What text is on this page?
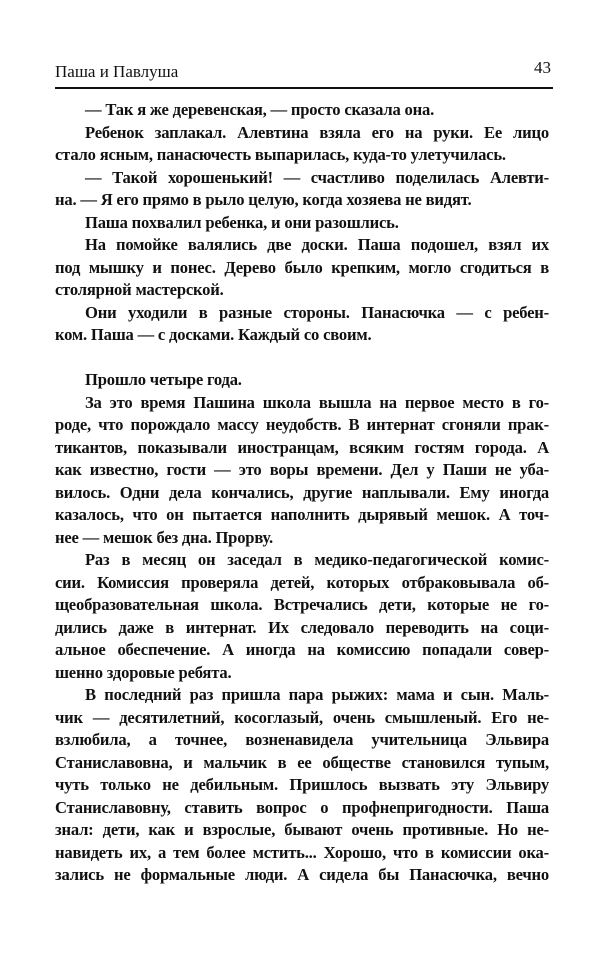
Паша и Павлуша	43
— Так я же деревенская, — просто сказала она.
Ребенок заплакал. Алевтина взяла его на руки. Ее лицо
стало ясным, панасючесть выпарилась, куда-то улетучилась.
— Такой хорошенький! — счастливо поделилась Алевти-
на. — Я его прямо в рыло целую, когда хозяева не видят.
Паша похвалил ребенка, и они разошлись.
На помойке валялись две доски. Паша подошел, взял их
под мышку и понес. Дерево было крепким, могло сгодиться в
столярной мастерской.
Они уходили в разные стороны. Панасючка — с ребен-
ком. Паша — с досками. Каждый со своим.
Прошло четыре года.
За это время Пашина школа вышла на первое место в го-
роде, что порождало массу неудобств. В интернат сгоняли прак-
тикантов, показывали иностранцам, всяким гостям города. А
как известно, гости — это воры времени. Дел у Паши не уба-
вилось. Одни дела кончались, другие наплывали. Ему иногда
казалось, что он пытается наполнить дырявый мешок. А точ-
нее — мешок без дна. Прорву.
Раз в месяц он заседал в медико-педагогической комис-
сии. Комиссия проверяла детей, которых отбраковывала об-
щеобразовательная школа. Встречались дети, которые не го-
дились даже в интернат. Их следовало переводить на соци-
альное обеспечение. А иногда на комиссию попадали совер-
шенно здоровые ребята.
В последний раз пришла пара рыжих: мама и сын. Маль-
чик — десятилетний, косоглазый, очень смышленый. Его не-
взлюбила, а точнее, возненавидела учительница Эльвира
Станиславовна, и мальчик в ее обществе становился тупым,
чуть только не дебильным. Пришлось вызвать эту Эльвиру
Станиславовну, ставить вопрос о профнепригодности. Паша
знал: дети, как и взрослые, бывают очень противные. Но не-
навидеть их, а тем более мстить... Хорошо, что в комиссии ока-
зались не формальные люди. А сидела бы Панасючка, вечно
